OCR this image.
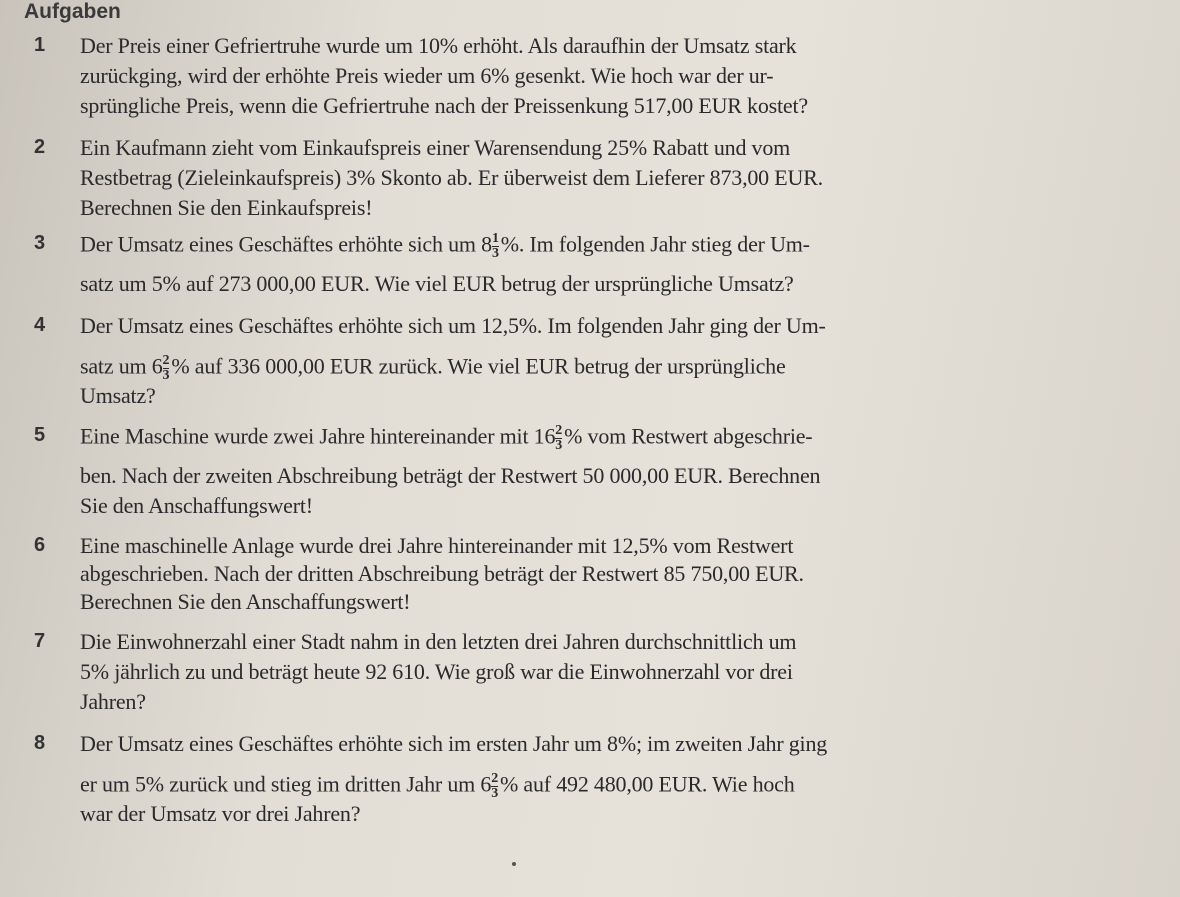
Aufgaben
1 Der Preis einer Gefriertruhe wurde um 10% erhöht. Als daraufhin der Umsatz stark
zurückging, wird der erhöhte Preis wieder um 6% gesenkt. Wie hoch war der ur-
sprüngliche Preis, wenn die Gefriertruhe nach der Preissenkung 517,00 EUR kostet?
2 Ein Kaufmann zieht vom Einkaufspreis einer Warensendung 25% Rabatt und vom
Restbetrag (Zieleinkaufspreis) 3% Skonto ab. Er überweist dem Lieferer 873,00 EUR.
Berechnen Sie den Einkaufspreis!
3 Der Umsatz eines Geschäftes erhöhte sich um $8 \frac{1}{3}$ %. Im folgenden Jahr stieg der Um-
satz um 5% auf 273 000,00 EUR. Wie viel EUR betrug der ursprüngliche Umsatz?
4 Der Umsatz eines Geschäftes erhöhte sich um 12,5%. Im folgenden Jahr ging der Um-
satz um $6 \frac{2}{3}$ % auf 336 000,00 EUR zurück. Wie viel EUR betrug der ursprüngliche
Umsatz?
5 Eine Maschine wurde zwei Jahre hintereinander mit $16 \frac{2}{3}$ % vom Restwert abgeschrie-
ben. Nach der zweiten Abschreibung beträgt der Restwert 50 000,00 EUR. Berechnen
Sie den Anschaffungswert!
6 Eine maschinelle Anlage wurde drei Jahre hintereinander mit 12,5% vom Restwert
abgeschrieben. Nach der dritten Abschreibung beträgt der Restwert 85 750,00 EUR.
Berechnen Sie den Anschaffungswert!
7 Die Einwohnerzahl einer Stadt nahm in den letzten drei Jahren durchschnittlich um
5% jährlich zu und beträgt heute 92 610. Wie groß war die Einwohnerzahl vor drei
Jahren?
8 Der Umsatz eines Geschäftes erhöhte sich im ersten Jahr um 8%; im zweiten Jahr ging
er um 5% zurück und stieg im dritten Jahr um $6 \frac{2}{3}$ % auf 492 480,00 EUR. Wie hoch
war der Umsatz vor drei Jahren?
